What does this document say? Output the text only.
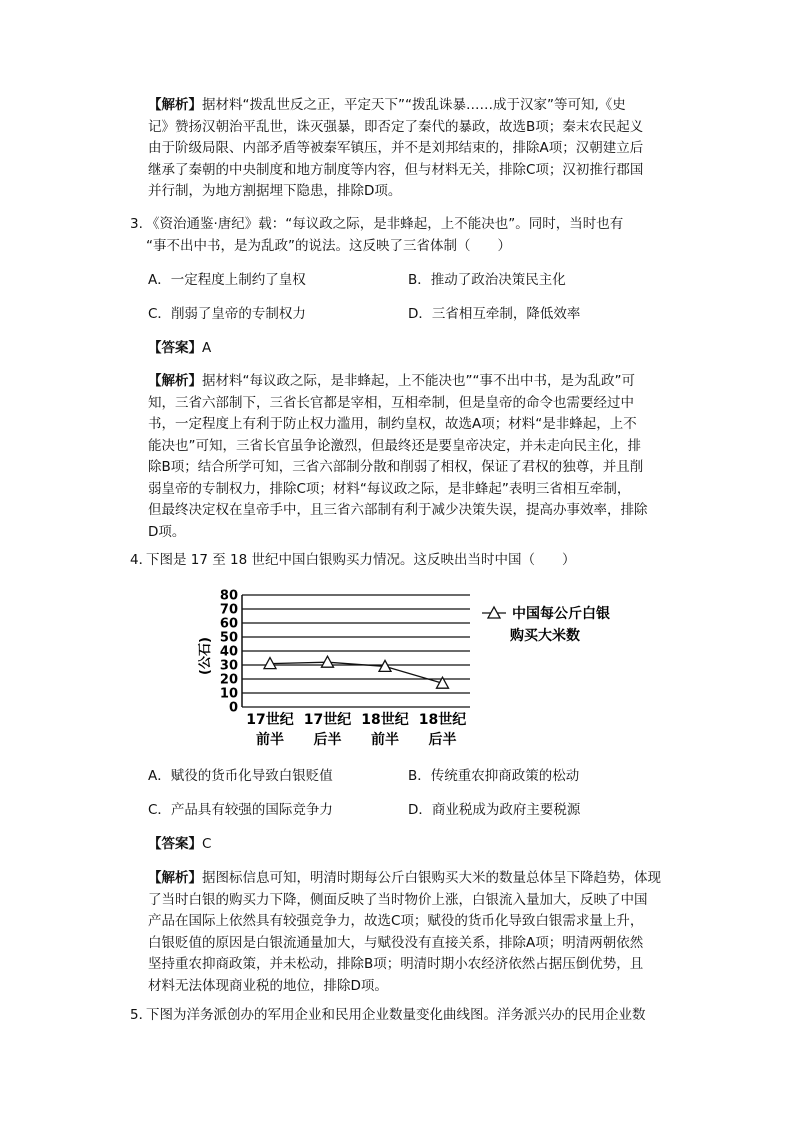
【解析】据材料“拨乱世反之正，平定天下”“拨乱诛暴……成于汉家”等可知,《史
记》赞扬汉朝治平乱世，诛灭强暴，即否定了秦代的暴政，故选B项；秦末农民起义
由于阶级局限、内部矛盾等被秦军镇压，并不是刘邦结束的，排除A项；汉朝建立后
继承了秦朝的中央制度和地方制度等内容，但与材料无关，排除C项；汉初推行郡国
并行制，为地方割据埋下隐患，排除D项。
3. 《资治通鉴·唐纪》载：“每议政之际，是非蜂起，上不能决也”。同时，当时也有
“事不出中书，是为乱政”的说法。这反映了三省体制（　　）
A．一定程度上制约了皇权	B．推动了政治决策民主化
C．削弱了皇帝的专制权力	D．三省相互牵制，降低效率
【答案】A
【解析】据材料“每议政之际，是非蜂起，上不能决也”“事不出中书，是为乱政”可
知，三省六部制下，三省长官都是宰相，互相牵制，但是皇帝的命令也需要经过中
书，一定程度上有利于防止权力滥用，制约皇权，故选A项；材料“是非蜂起，上不
能决也”可知，三省长官虽争论激烈，但最终还是要皇帝决定，并未走向民主化，排
除B项；结合所学可知，三省六部制分散和削弱了相权，保证了君权的独尊，并且削
弱皇帝的专制权力，排除C项；材料“每议政之际，是非蜂起”表明三省相互牵制，
但最终决定权在皇帝手中，且三省六部制有利于减少决策失误，提高办事效率，排除
D项。
4．
下图是 17 至 18 世纪中国白银购买力情况。这反映出当时中国（　　）
0
10
20
30
40
50
60
70
80
17世纪
前半
17世纪
后半
18世纪
前半
18世纪
后半
(公石)
中国每公斤白银
购买大米数
A．赋役的货币化导致白银贬值	B．传统重农抑商政策的松动
C．产品具有较强的国际竞争力	D．商业税成为政府主要税源
【答案】C
【解析】据图标信息可知，明清时期每公斤白银购买大米的数量总体呈下降趋势，体现
了当时白银的购买力下降，侧面反映了当时物价上涨，白银流入量加大，反映了中国
产品在国际上依然具有较强竞争力，故选C项；赋役的货币化导致白银需求量上升，
白银贬值的原因是白银流通量加大，与赋役没有直接关系，排除A项；明清两朝依然
坚持重农抑商政策，并未松动，排除B项；明清时期小农经济依然占据压倒优势，且
材料无法体现商业税的地位，排除D项。
5．
下图为洋务派创办的军用企业和民用企业数量变化曲线图。洋务派兴办的民用企业数
